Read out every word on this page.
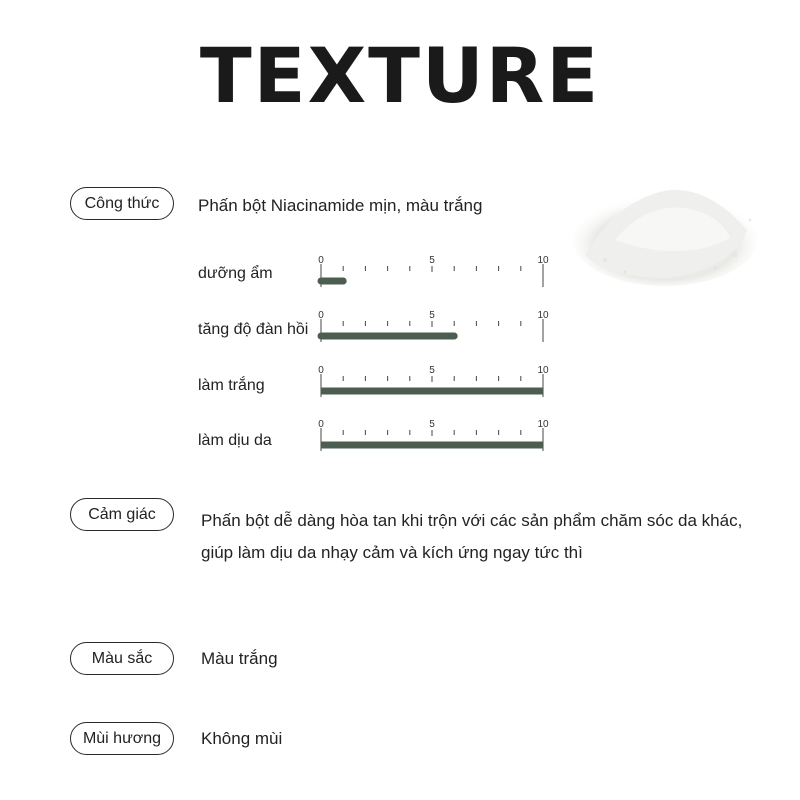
TEXTURE
Công thức	Phấn bột Niacinamide mịn, màu trắng
dưỡng ẩm
tăng độ đàn hồi
làm trắng
làm dịu da
0	5	10
0	5	10
0	5	10
0	5	10
Cảm giác	Phấn bột dễ dàng hòa tan khi trộn với các sản phẩm chăm sóc da khác, giúp làm dịu da nhạy cảm và kích ứng ngay tức thì
Màu sắc	Màu trắng
Mùi hương	Không mùi
